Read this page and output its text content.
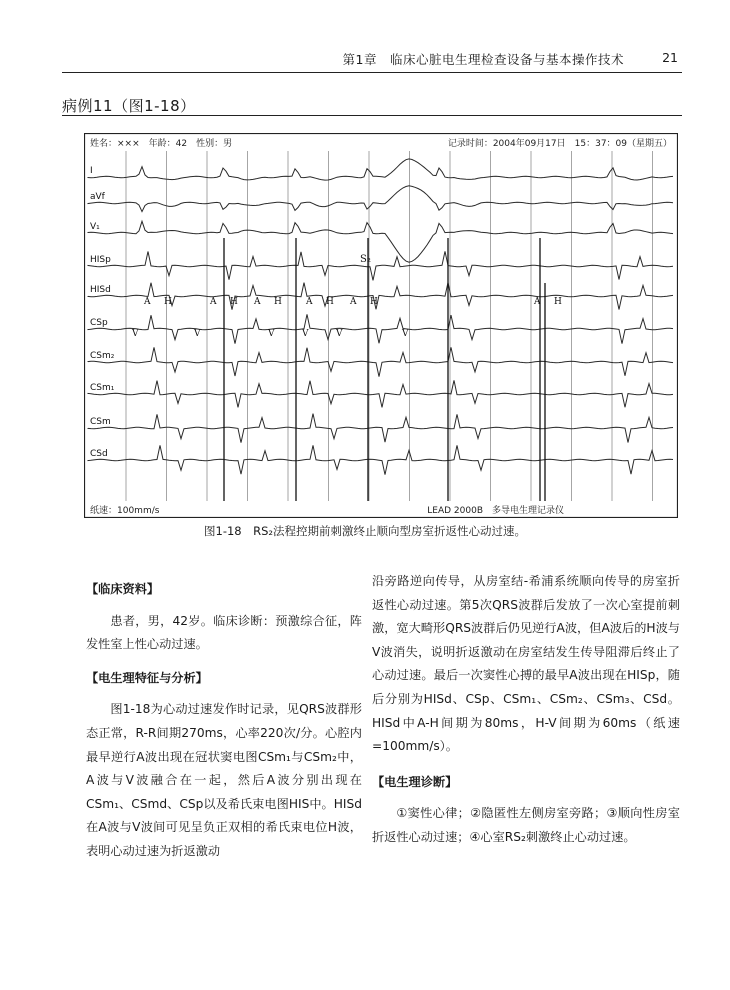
第1章　临床心脏电生理检查设备与基本操作技术	21
病例11（图1-18）
Ⅰ
aVf
V₁
HISp
HISd
CSp
CSm₂
CSm₁
CSm
CSd
A H	A H A H	A H A H	A H
V	V	V	V	V	V
姓名：×××　年龄：42　性别：男	记录时间：2004年09月17日　15：37：09（星期五）
S₂
纸速：100mm/s	LEAD 2000B　多导电生理记录仪
图1-18　RS₂法程控期前刺激终止顺向型房室折返性心动过速。
【临床资料】

患者，男，42岁。临床诊断：预激综合征，阵发性室上性心动过速。

【电生理特征与分析】

图1-18为心动过速发作时记录，见QRS波群形态正常，R-R间期270ms，心率220次/分。心腔内最早逆行A波出现在冠状窦电图CSm₁与CSm₂中，A波与V波融合在一起，然后A波分别出现在CSm₁、CSmd、CSp以及希氏束电图HIS中。HISd在A波与V波间可见呈负正双相的希氏束电位H波，表明心动过速为折返激动

沿旁路逆向传导，从房室结-希浦系统顺向传导的房室折返性心动过速。第5次QRS波群后发放了一次心室提前刺激，宽大畸形QRS波群后仍见逆行A波，但A波后的H波与V波消失，说明折返激动在房室结发生传导阻滞后终止了心动过速。最后一次窦性心搏的最早A波出现在HISp，随后分别为HISd、CSp、CSm₁、CSm₂、CSm₃、CSd。HISd中A-H间期为80ms，H-V间期为60ms（纸速=100mm/s）。

【电生理诊断】

①窦性心律；②隐匿性左侧房室旁路；③顺向性房室折返性心动过速；④心室RS₂刺激终止心动过速。
